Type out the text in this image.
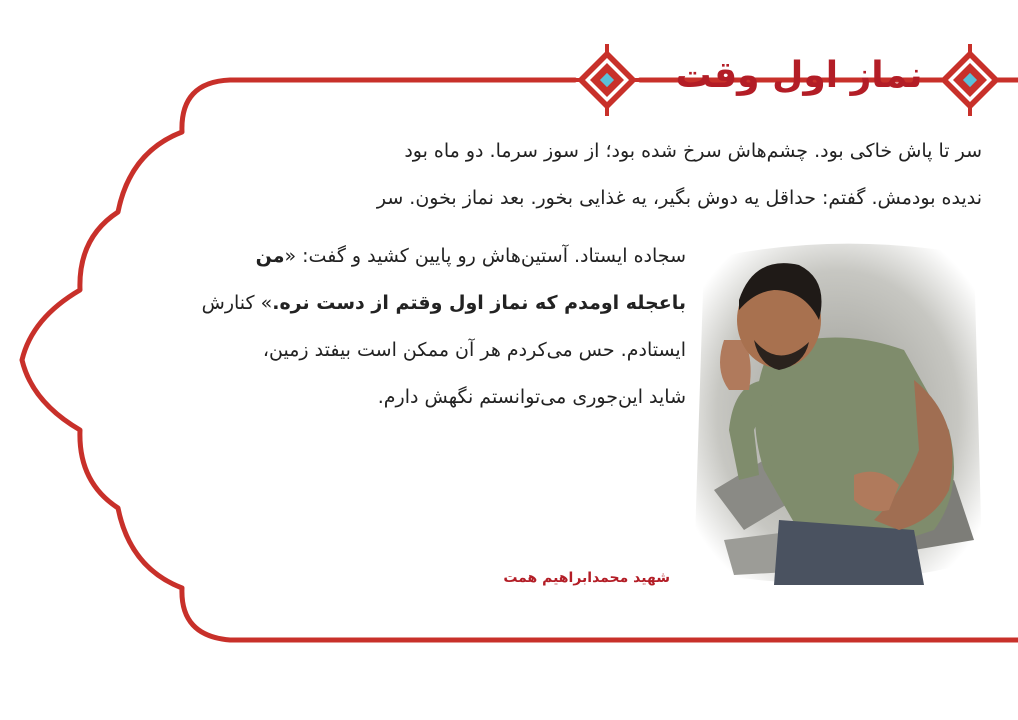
نماز اول وقت
سر تا پاش خاکی بود. چشم‌هاش سرخ شده بود؛ از سوز سرما. دو ماه بود
ندیده بودمش. گفتم: حداقل یه دوش بگیر، یه غذایی بخور. بعد نماز بخون. سر
سجاده ایستاد. آستین‌هاش رو پایین کشید و گفت: «من
باعجله اومدم که نماز اول وقتم از دست نره.» کنارش
ایستادم. حس می‌کردم هر آن ممکن است بیفتد زمین،
شاید این‌جوری می‌توانستم نگهش دارم.
شهید محمدابراهیم همت
